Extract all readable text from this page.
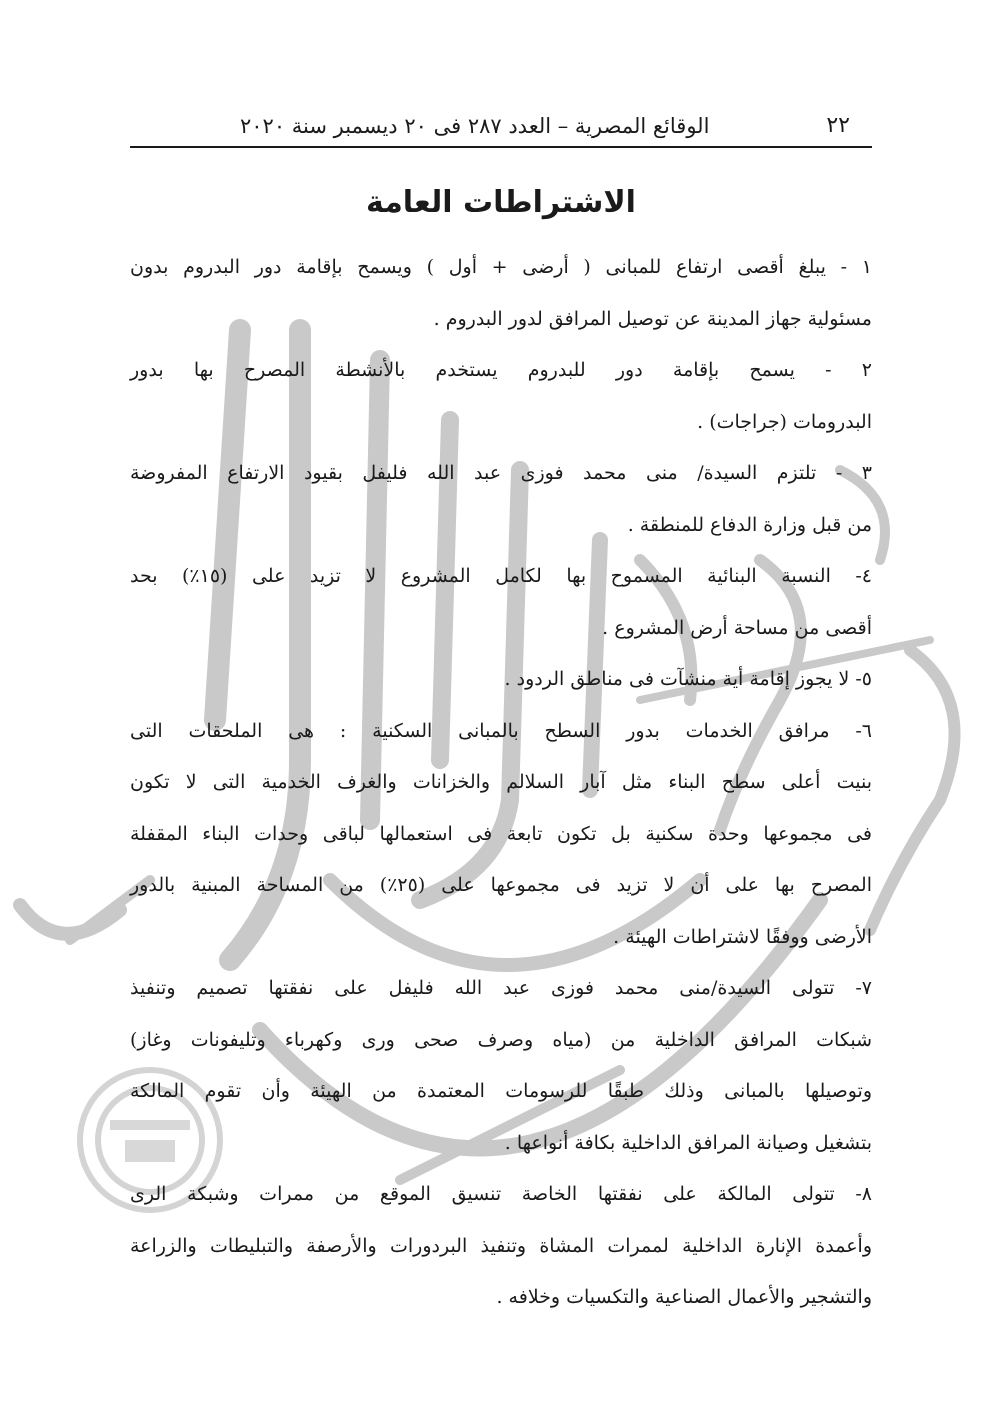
٢٢
الوقائع المصرية – العدد ٢٨٧ فى ٢٠ ديسمبر سنة ٢٠٢٠
الاشتراطات العامة
١ - يبلغ أقصى ارتفاع للمبانى ( أرضى + أول ) ويسمح بإقامة دور البدروم بدون
مسئولية جهاز المدينة عن توصيل المرافق لدور البدروم .
٢ - يسمح بإقامة دور للبدروم يستخدم بالأنشطة المصرح بها بدور
البدرومات (جراجات) .
٣ - تلتزم السيدة/ منى محمد فوزى عبد الله فليفل بقيود الارتفاع المفروضة
من قبل وزارة الدفاع للمنطقة .
٤- النسبة البنائية المسموح بها لكامل المشروع لا تزيد على (١٥٪) بحد
أقصى من مساحة أرض المشروع .
٥- لا يجوز إقامة أية منشآت فى مناطق الردود .
٦- مرافق الخدمات بدور السطح بالمبانى السكنية : هى الملحقات التى
بنيت أعلى سطح البناء مثل آبار السلالم والخزانات والغرف الخدمية التى لا تكون
فى مجموعها وحدة سكنية بل تكون تابعة فى استعمالها لباقى وحدات البناء المقفلة
المصرح بها على أن لا تزيد فى مجموعها على (٢٥٪) من المساحة المبنية بالدور
الأرضى ووفقًا لاشتراطات الهيئة .
٧- تتولى السيدة/منى محمد فوزى عبد الله فليفل على نفقتها تصميم وتنفيذ
شبكات المرافق الداخلية من (مياه وصرف صحى ورى وكهرباء وتليفونات وغاز)
وتوصيلها بالمبانى وذلك طبقًا للرسومات المعتمدة من الهيئة وأن تقوم المالكة
بتشغيل وصيانة المرافق الداخلية بكافة أنواعها .
٨- تتولى المالكة على نفقتها الخاصة تنسيق الموقع من ممرات وشبكة الرى
وأعمدة الإنارة الداخلية لممرات المشاة وتنفيذ البردورات والأرصفة والتبليطات والزراعة
والتشجير والأعمال الصناعية والتكسيات وخلافه .
